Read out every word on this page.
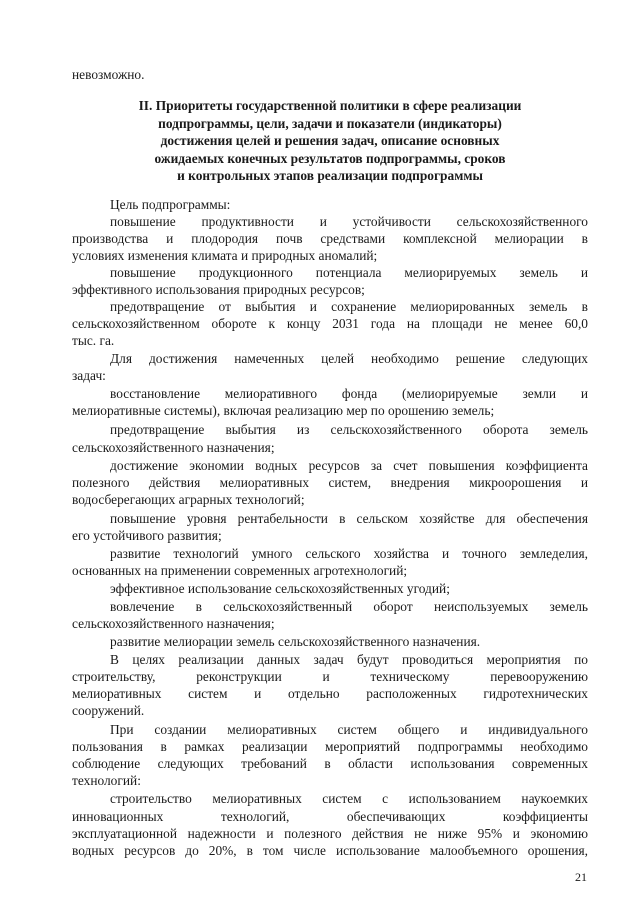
невозможно.
II. Приоритеты государственной политики в сфере реализации
подпрограммы, цели, задачи и показатели (индикаторы)
достижения целей и решения задач, описание основных
ожидаемых конечных результатов подпрограммы, сроков
и контрольных этапов реализации подпрограммы
Цель подпрограммы:
повышение продуктивности и устойчивости сельскохозяйственного
производства и плодородия почв средствами комплексной мелиорации в
условиях изменения климата и природных аномалий;
повышение продукционного потенциала мелиорируемых земель и
эффективного использования природных ресурсов;
предотвращение от выбытия и сохранение мелиорированных земель в
сельскохозяйственном обороте к концу 2031 года на площади не менее 60,0
тыс. га.
Для достижения намеченных целей необходимо решение следующих
задач:
восстановление мелиоративного фонда (мелиорируемые земли и
мелиоративные системы), включая реализацию мер по орошению земель;
предотвращение выбытия из сельскохозяйственного оборота земель
сельскохозяйственного назначения;
достижение экономии водных ресурсов за счет повышения коэффициента
полезного действия мелиоративных систем, внедрения микроорошения и
водосберегающих аграрных технологий;
повышение уровня рентабельности в сельском хозяйстве для обеспечения
его устойчивого развития;
развитие технологий умного сельского хозяйства и точного земледелия,
основанных на применении современных агротехнологий;
эффективное использование сельскохозяйственных угодий;
вовлечение в сельскохозяйственный оборот неиспользуемых земель
сельскохозяйственного назначения;
развитие мелиорации земель сельскохозяйственного назначения.
В целях реализации данных задач будут проводиться мероприятия по
строительству, реконструкции и техническому перевооружению
мелиоративных систем и отдельно расположенных гидротехнических
сооружений.
При создании мелиоративных систем общего и индивидуального
пользования в рамках реализации мероприятий подпрограммы необходимо
соблюдение следующих требований в области использования современных
технологий:
строительство мелиоративных систем с использованием наукоемких
инновационных технологий, обеспечивающих коэффициенты
эксплуатационной надежности и полезного действия не ниже 95% и экономию
водных ресурсов до 20%, в том числе использование малообъемного орошения,
21
